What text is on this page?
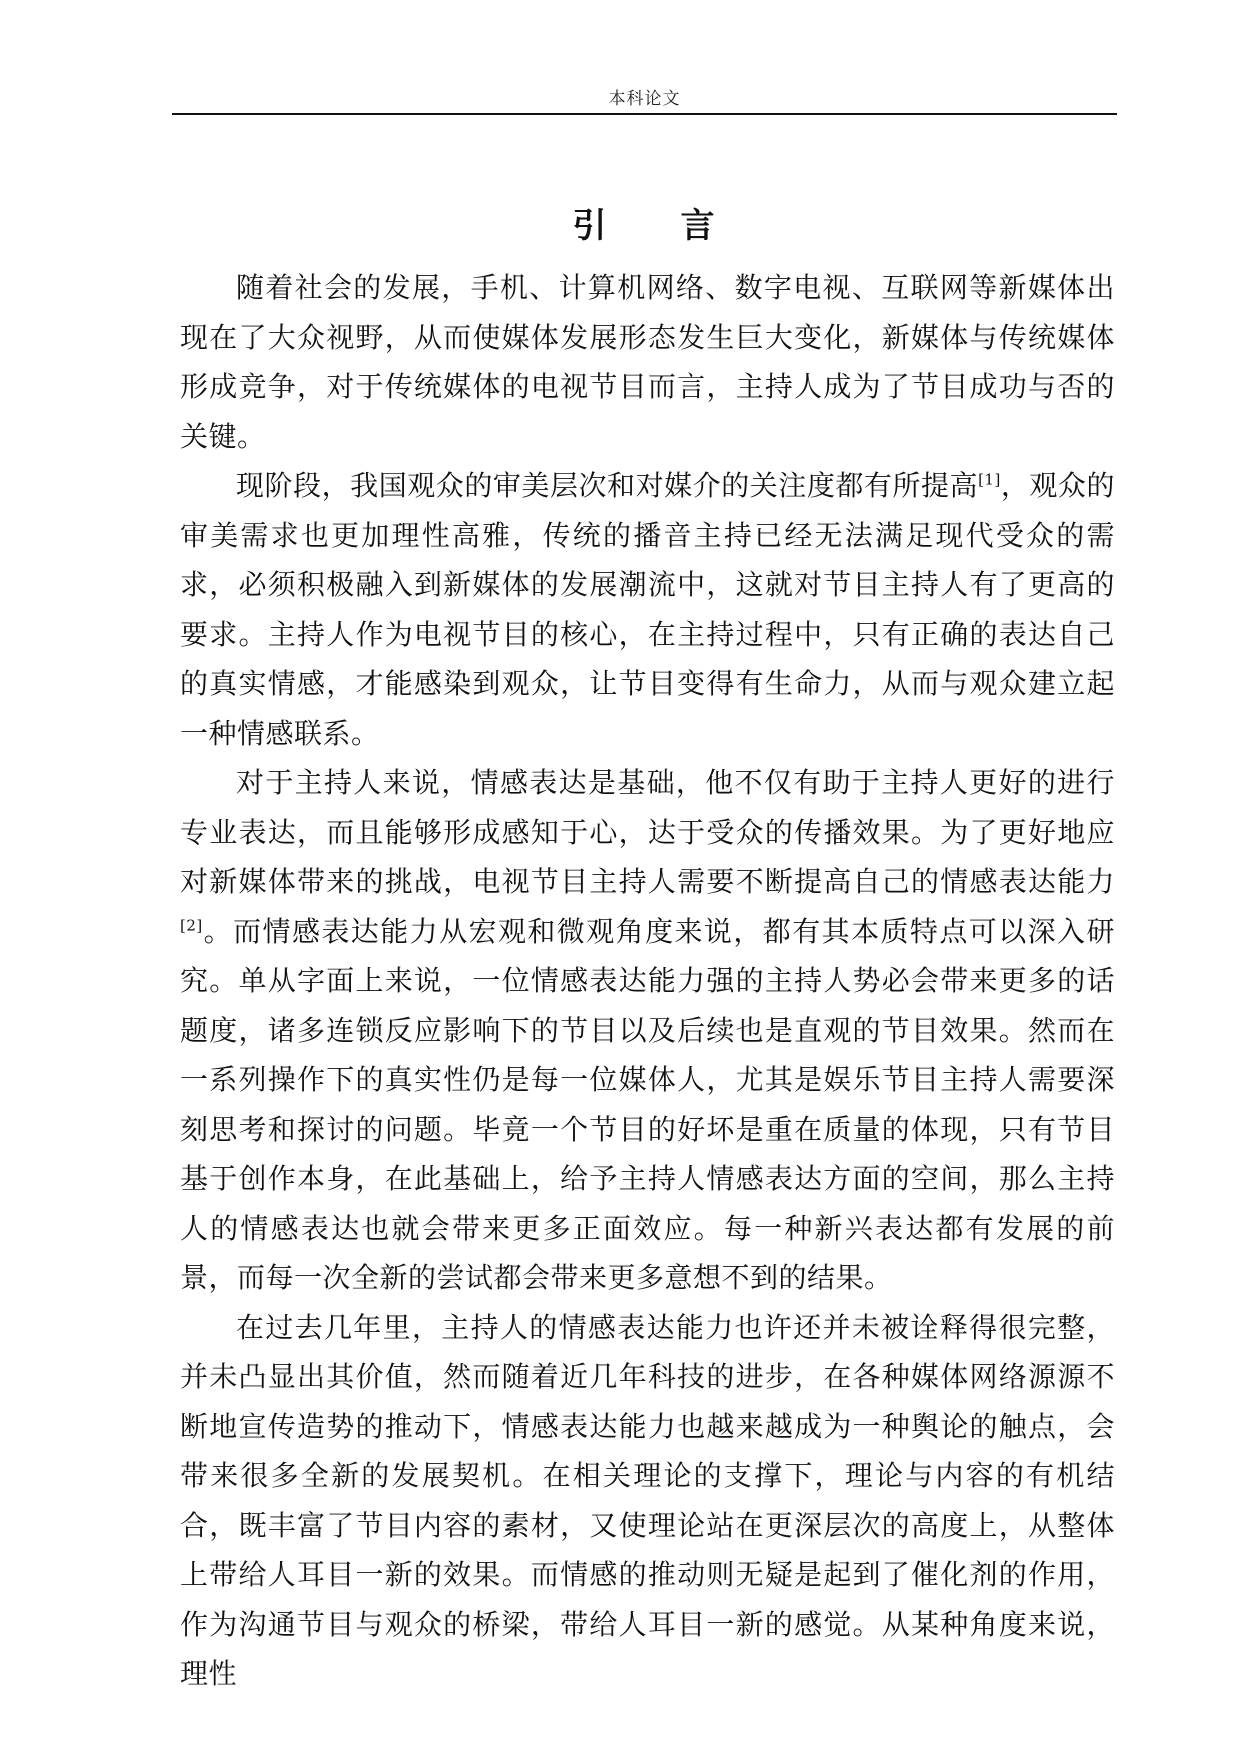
本科论文
引 言

随着社会的发展，手机、计算机网络、数字电视、互联网等新媒体出现在了大众视野，从而使媒体发展形态发生巨大变化，新媒体与传统媒体形成竞争，对于传统媒体的电视节目而言，主持人成为了节目成功与否的关键。

现阶段，我国观众的审美层次和对媒介的关注度都有所提高[1]，观众的审美需求也更加理性高雅，传统的播音主持已经无法满足现代受众的需求，必须积极融入到新媒体的发展潮流中，这就对节目主持人有了更高的要求。主持人作为电视节目的核心，在主持过程中，只有正确的表达自己的真实情感，才能感染到观众，让节目变得有生命力，从而与观众建立起一种情感联系。

对于主持人来说，情感表达是基础，他不仅有助于主持人更好的进行专业表达，而且能够形成感知于心，达于受众的传播效果。为了更好地应对新媒体带来的挑战，电视节目主持人需要不断提高自己的情感表达能力[2]。而情感表达能力从宏观和微观角度来说，都有其本质特点可以深入研究。单从字面上来说，一位情感表达能力强的主持人势必会带来更多的话题度，诸多连锁反应影响下的节目以及后续也是直观的节目效果。然而在一系列操作下的真实性仍是每一位媒体人，尤其是娱乐节目主持人需要深刻思考和探讨的问题。毕竟一个节目的好坏是重在质量的体现，只有节目基于创作本身，在此基础上，给予主持人情感表达方面的空间，那么主持人的情感表达也就会带来更多正面效应。每一种新兴表达都有发展的前景，而每一次全新的尝试都会带来更多意想不到的结果。

在过去几年里，主持人的情感表达能力也许还并未被诠释得很完整，并未凸显出其价值，然而随着近几年科技的进步，在各种媒体网络源源不断地宣传造势的推动下，情感表达能力也越来越成为一种舆论的触点，会带来很多全新的发展契机。在相关理论的支撑下，理论与内容的有机结合，既丰富了节目内容的素材，又使理论站在更深层次的高度上，从整体上带给人耳目一新的效果。而情感的推动则无疑是起到了催化剂的作用，作为沟通节目与观众的桥梁，带给人耳目一新的感觉。从某种角度来说，理性
